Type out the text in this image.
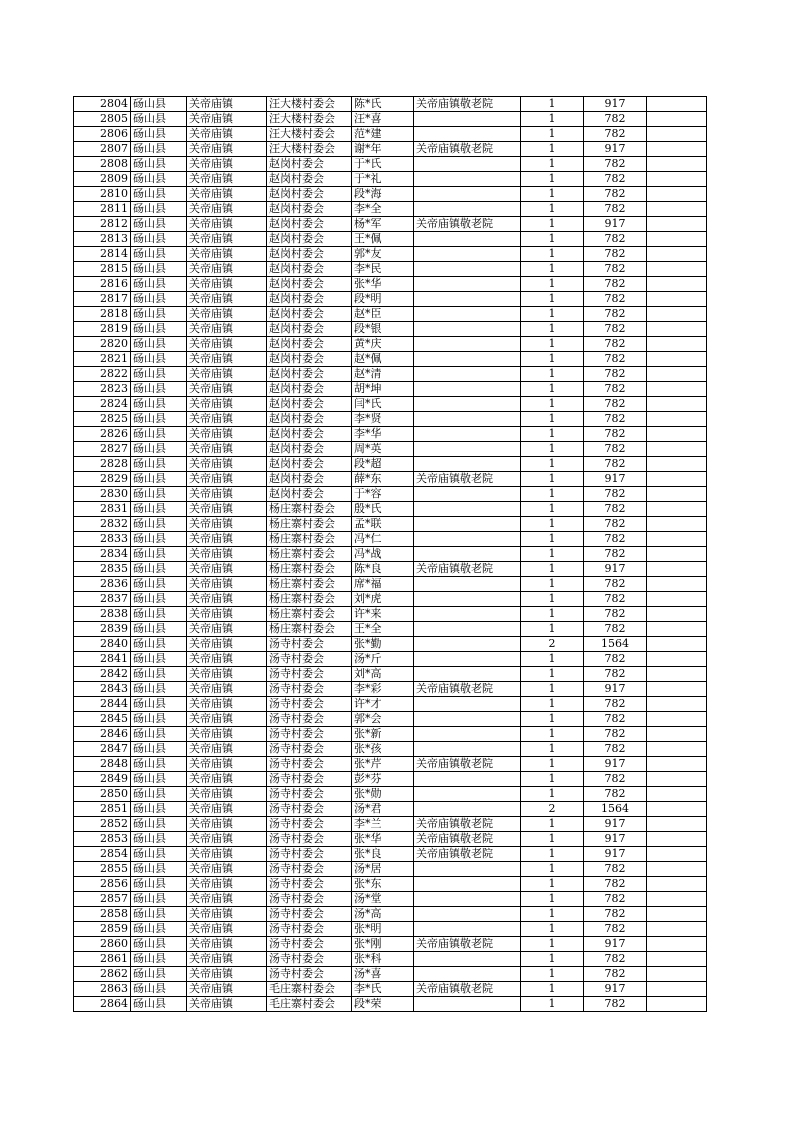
2804	砀山县	关帝庙镇	汪大楼村委会	陈*氏	关帝庙镇敬老院	1	917	
2805	砀山县	关帝庙镇	汪大楼村委会	汪*喜		1	782	
2806	砀山县	关帝庙镇	汪大楼村委会	范*建		1	782	
2807	砀山县	关帝庙镇	汪大楼村委会	谢*年	关帝庙镇敬老院	1	917	
2808	砀山县	关帝庙镇	赵岗村委会	于*氏		1	782	
2809	砀山县	关帝庙镇	赵岗村委会	于*礼		1	782	
2810	砀山县	关帝庙镇	赵岗村委会	段*海		1	782	
2811	砀山县	关帝庙镇	赵岗村委会	李*全		1	782	
2812	砀山县	关帝庙镇	赵岗村委会	杨*军	关帝庙镇敬老院	1	917	
2813	砀山县	关帝庙镇	赵岗村委会	王*佩		1	782	
2814	砀山县	关帝庙镇	赵岗村委会	郭*友		1	782	
2815	砀山县	关帝庙镇	赵岗村委会	李*民		1	782	
2816	砀山县	关帝庙镇	赵岗村委会	张*华		1	782	
2817	砀山县	关帝庙镇	赵岗村委会	段*明		1	782	
2818	砀山县	关帝庙镇	赵岗村委会	赵*臣		1	782	
2819	砀山县	关帝庙镇	赵岗村委会	段*银		1	782	
2820	砀山县	关帝庙镇	赵岗村委会	黄*庆		1	782	
2821	砀山县	关帝庙镇	赵岗村委会	赵*佩		1	782	
2822	砀山县	关帝庙镇	赵岗村委会	赵*清		1	782	
2823	砀山县	关帝庙镇	赵岗村委会	胡*坤		1	782	
2824	砀山县	关帝庙镇	赵岗村委会	闫*氏		1	782	
2825	砀山县	关帝庙镇	赵岗村委会	李*贤		1	782	
2826	砀山县	关帝庙镇	赵岗村委会	李*华		1	782	
2827	砀山县	关帝庙镇	赵岗村委会	周*英		1	782	
2828	砀山县	关帝庙镇	赵岗村委会	段*超		1	782	
2829	砀山县	关帝庙镇	赵岗村委会	薛*东	关帝庙镇敬老院	1	917	
2830	砀山县	关帝庙镇	赵岗村委会	于*容		1	782	
2831	砀山县	关帝庙镇	杨庄寨村委会	殷*氏		1	782	
2832	砀山县	关帝庙镇	杨庄寨村委会	孟*联		1	782	
2833	砀山县	关帝庙镇	杨庄寨村委会	冯*仁		1	782	
2834	砀山县	关帝庙镇	杨庄寨村委会	冯*战		1	782	
2835	砀山县	关帝庙镇	杨庄寨村委会	陈*良	关帝庙镇敬老院	1	917	
2836	砀山县	关帝庙镇	杨庄寨村委会	席*福		1	782	
2837	砀山县	关帝庙镇	杨庄寨村委会	刘*虎		1	782	
2838	砀山县	关帝庙镇	杨庄寨村委会	许*来		1	782	
2839	砀山县	关帝庙镇	杨庄寨村委会	王*全		1	782	
2840	砀山县	关帝庙镇	汤寺村委会	张*勤		2	1564	
2841	砀山县	关帝庙镇	汤寺村委会	汤*斤		1	782	
2842	砀山县	关帝庙镇	汤寺村委会	刘*高		1	782	
2843	砀山县	关帝庙镇	汤寺村委会	李*彩	关帝庙镇敬老院	1	917	
2844	砀山县	关帝庙镇	汤寺村委会	许*才		1	782	
2845	砀山县	关帝庙镇	汤寺村委会	郭*会		1	782	
2846	砀山县	关帝庙镇	汤寺村委会	张*新		1	782	
2847	砀山县	关帝庙镇	汤寺村委会	张*孩		1	782	
2848	砀山县	关帝庙镇	汤寺村委会	张*芹	关帝庙镇敬老院	1	917	
2849	砀山县	关帝庙镇	汤寺村委会	彭*芬		1	782	
2850	砀山县	关帝庙镇	汤寺村委会	张*勋		1	782	
2851	砀山县	关帝庙镇	汤寺村委会	汤*君		2	1564	
2852	砀山县	关帝庙镇	汤寺村委会	李*兰	关帝庙镇敬老院	1	917	
2853	砀山县	关帝庙镇	汤寺村委会	张*华	关帝庙镇敬老院	1	917	
2854	砀山县	关帝庙镇	汤寺村委会	张*良	关帝庙镇敬老院	1	917	
2855	砀山县	关帝庙镇	汤寺村委会	汤*居		1	782	
2856	砀山县	关帝庙镇	汤寺村委会	张*东		1	782	
2857	砀山县	关帝庙镇	汤寺村委会	汤*堂		1	782	
2858	砀山县	关帝庙镇	汤寺村委会	汤*高		1	782	
2859	砀山县	关帝庙镇	汤寺村委会	张*明		1	782	
2860	砀山县	关帝庙镇	汤寺村委会	张*刚	关帝庙镇敬老院	1	917	
2861	砀山县	关帝庙镇	汤寺村委会	张*科		1	782	
2862	砀山县	关帝庙镇	汤寺村委会	汤*喜		1	782	
2863	砀山县	关帝庙镇	毛庄寨村委会	李*氏	关帝庙镇敬老院	1	917	
2864	砀山县	关帝庙镇	毛庄寨村委会	段*荣		1	782	
